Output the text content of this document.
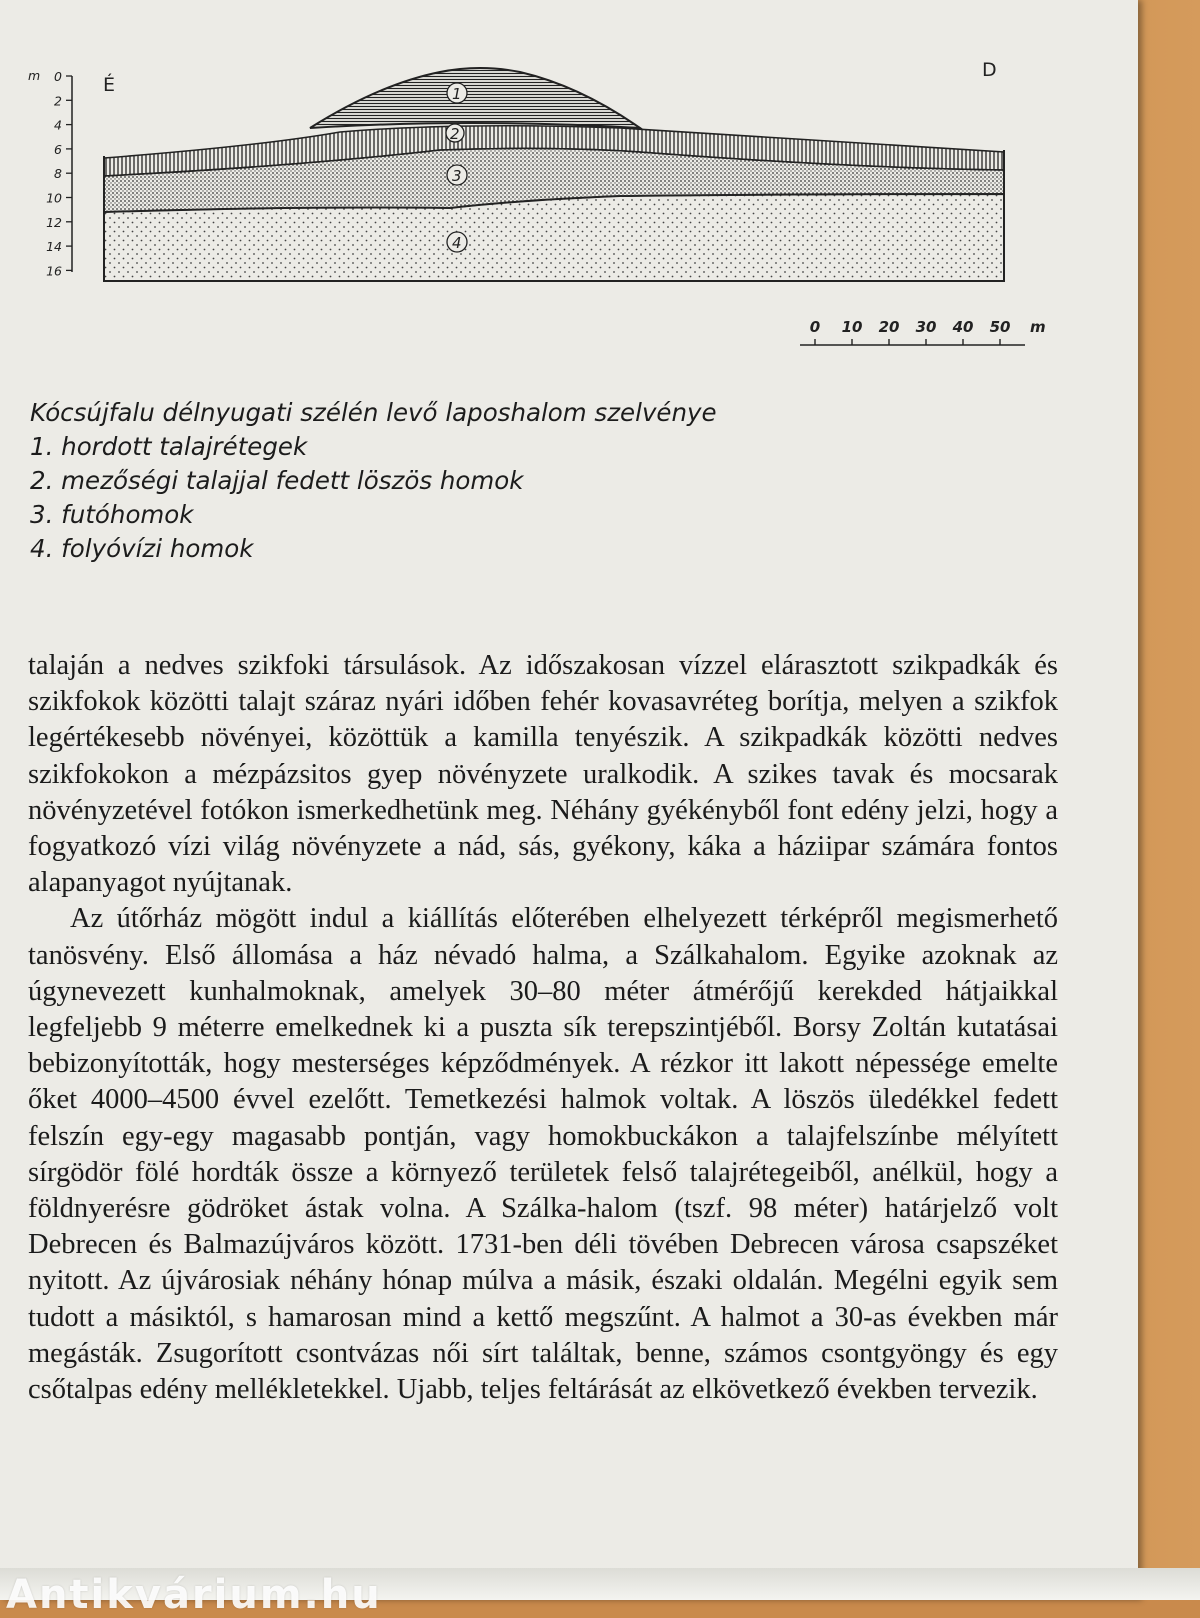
m 0
2
4
6
8
10
12
14
16
É
D
1
2
3
4
0 10 20 30 40 50 m
Kócsújfalu délnyugati szélén levő laposhalom szelvénye
1. hordott talajrétegek
2. mezőségi talajjal fedett löszös homok
3. futóhomok
4. folyóvízi homok

talaján a nedves szikfoki társulások. Az időszakosan vízzel elárasztott szikpadkák és szikfokok közötti talajt száraz nyári időben fehér kovasavréteg borítja, melyen a szikfok legértékesebb növényei, közöttük a kamilla tenyészik. A szikpadkák közötti nedves szikfokokon a mézpázsitos gyep növényzete uralkodik. A szikes tavak és mocsarak növényzetével fotókon ismerkedhetünk meg. Néhány gyékényből font edény jelzi, hogy a fogyatkozó vízi világ növényzete a nád, sás, gyékony, káka a háziipar számára fontos alapanyagot nyújtanak.

Az útőrház mögött indul a kiállítás előterében elhelyezett térképről megismerhető tanösvény. Első állomása a ház névadó halma, a Szálkahalom. Egyike azoknak az úgynevezett kunhalmoknak, amelyek 30–80 méter átmérőjű kerekded hátjaikkal legfeljebb 9 méterre emelkednek ki a puszta sík terepszintjéből. Borsy Zoltán kutatásai bebizonyították, hogy mesterséges képződmények. A rézkor itt lakott népessége emelte őket 4000–4500 évvel ezelőtt. Temetkezési halmok voltak. A löszös üledékkel fedett felszín egy-egy magasabb pontján, vagy homokbuckákon a talajfelszínbe mélyített sírgödör fölé hordták össze a környező területek felső talajrétegeiből, anélkül, hogy a földnyerésre gödröket ástak volna. A Szálka-halom (tszf. 98 méter) határjelző volt Debrecen és Balmazújváros között. 1731-ben déli tövében Debrecen városa csapszéket nyitott. Az újvárosiak néhány hónap múlva a másik, északi oldalán. Megélni egyik sem tudott a másiktól, s hamarosan mind a kettő megszűnt. A halmot a 30-as években már megásták. Zsugorított csontvázas női sírt találtak, benne, számos csontgyöngy és egy csőtalpas edény mellékletekkel. Ujabb, teljes feltárását az elkövetkező években tervezik.

Antikvárium.hu
